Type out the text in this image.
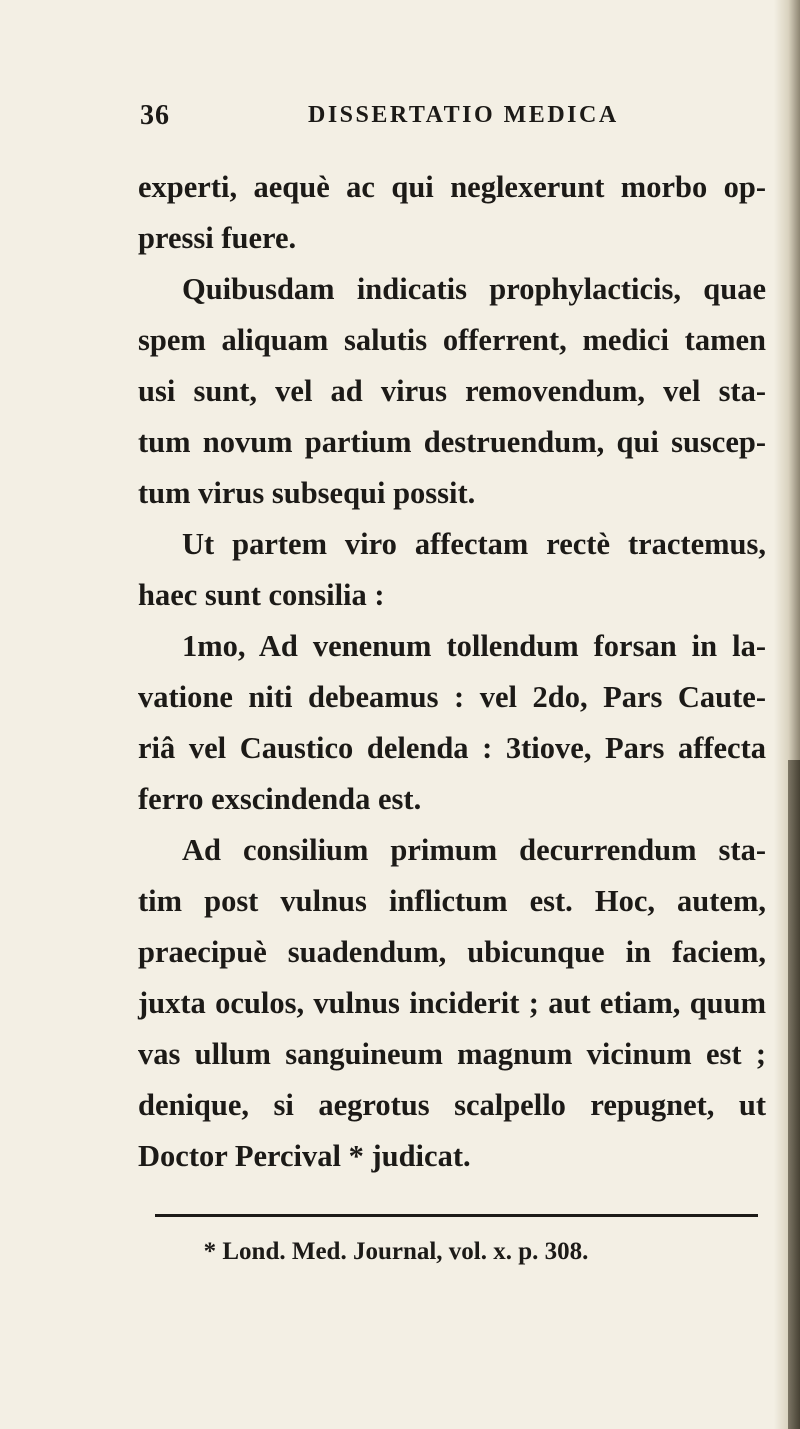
36	DISSERTATIO MEDICA
experti, aequè ac qui neglexerunt morbo op-
pressi fuere.
Quibusdam indicatis prophylacticis, quae
spem aliquam salutis offerrent, medici tamen
usi sunt, vel ad virus removendum, vel sta-
tum novum partium destruendum, qui suscep-
tum virus subsequi possit.
Ut partem viro affectam rectè tractemus,
haec sunt consilia :
1mo, Ad venenum tollendum forsan in la-
vatione niti debeamus : vel 2do, Pars Caute-
riâ vel Caustico delenda : 3tiove, Pars affecta
ferro exscindenda est.
Ad consilium primum decurrendum sta-
tim post vulnus inflictum est. Hoc, autem,
praecipuè suadendum, ubicunque in faciem,
juxta oculos, vulnus inciderit ; aut etiam, quum
vas ullum sanguineum magnum vicinum est ;
denique, si aegrotus scalpello repugnet, ut
Doctor Percival * judicat.
* Lond. Med. Journal, vol. x. p. 308.
